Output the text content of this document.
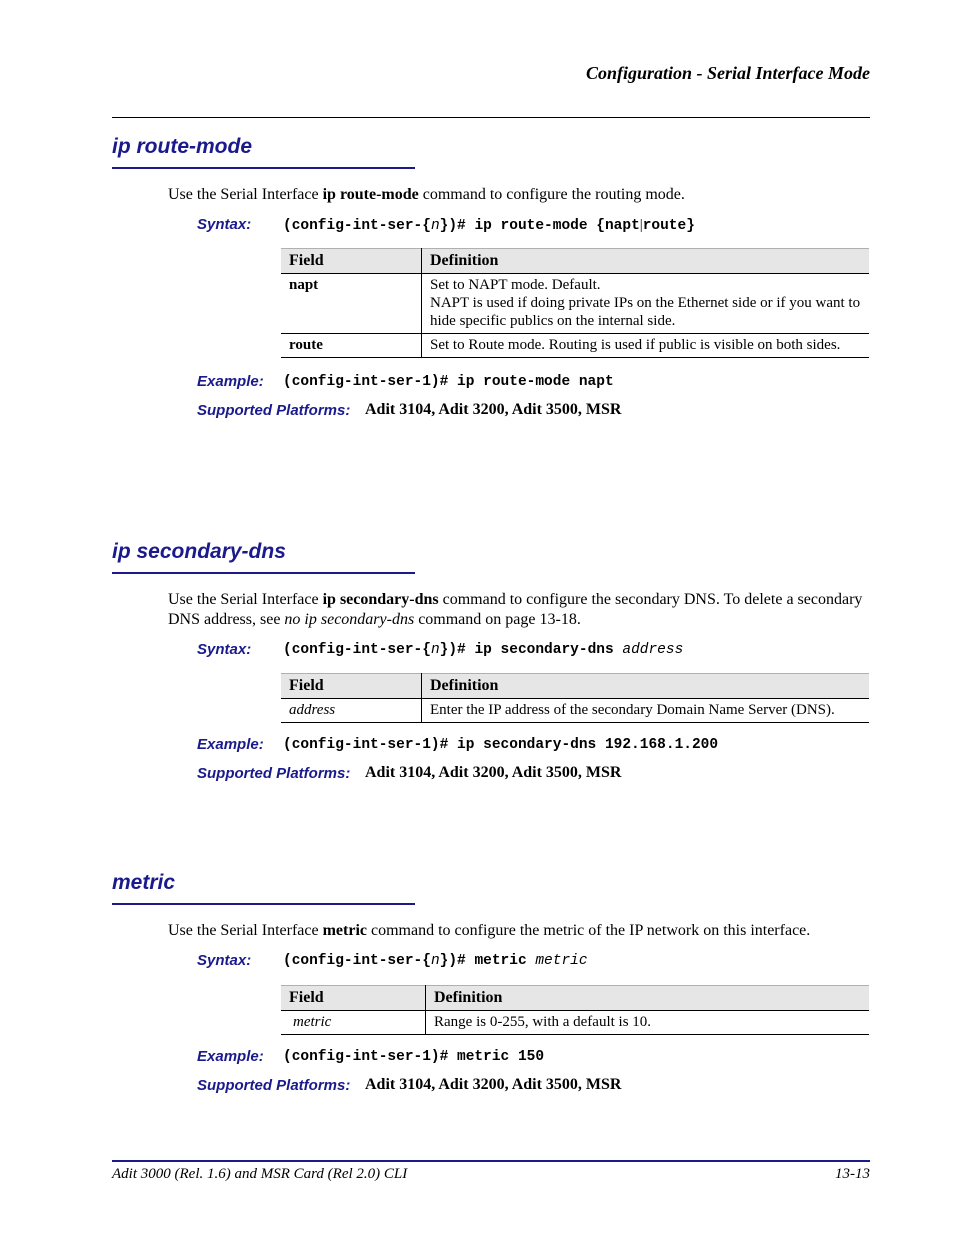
Configuration - Serial Interface Mode
ip route-mode
Use the Serial Interface ip route-mode command to configure the routing mode.
Syntax: (config-int-ser-{n})# ip route-mode {napt|route}
Field	Definition
napt	Set to NAPT mode. Default.
NAPT is used if doing private IPs on the Ethernet side or if you want to hide specific publics on the internal side.

route	Set to Route mode. Routing is used if public is visible on both sides.
Example: (config-int-ser-1)# ip route-mode napt
Supported Platforms: Adit 3104, Adit 3200, Adit 3500, MSR
ip secondary-dns
Use the Serial Interface ip secondary-dns command to configure the secondary DNS. To delete a secondary DNS address, see no ip secondary-dns command on page 13-18.
Syntax: (config-int-ser-{n})# ip secondary-dns address
Field	Definition
address	Enter the IP address of the secondary Domain Name Server (DNS).
Example: (config-int-ser-1)# ip secondary-dns 192.168.1.200
Supported Platforms: Adit 3104, Adit 3200, Adit 3500, MSR
metric
Use the Serial Interface metric command to configure the metric of the IP network on this interface.
Syntax: (config-int-ser-{n})# metric metric
Field	Definition
metric	Range is 0-255, with a default is 10.
Example: (config-int-ser-1)# metric 150
Supported Platforms: Adit 3104, Adit 3200, Adit 3500, MSR
Adit 3000 (Rel. 1.6) and MSR Card (Rel 2.0) CLI	13-13
